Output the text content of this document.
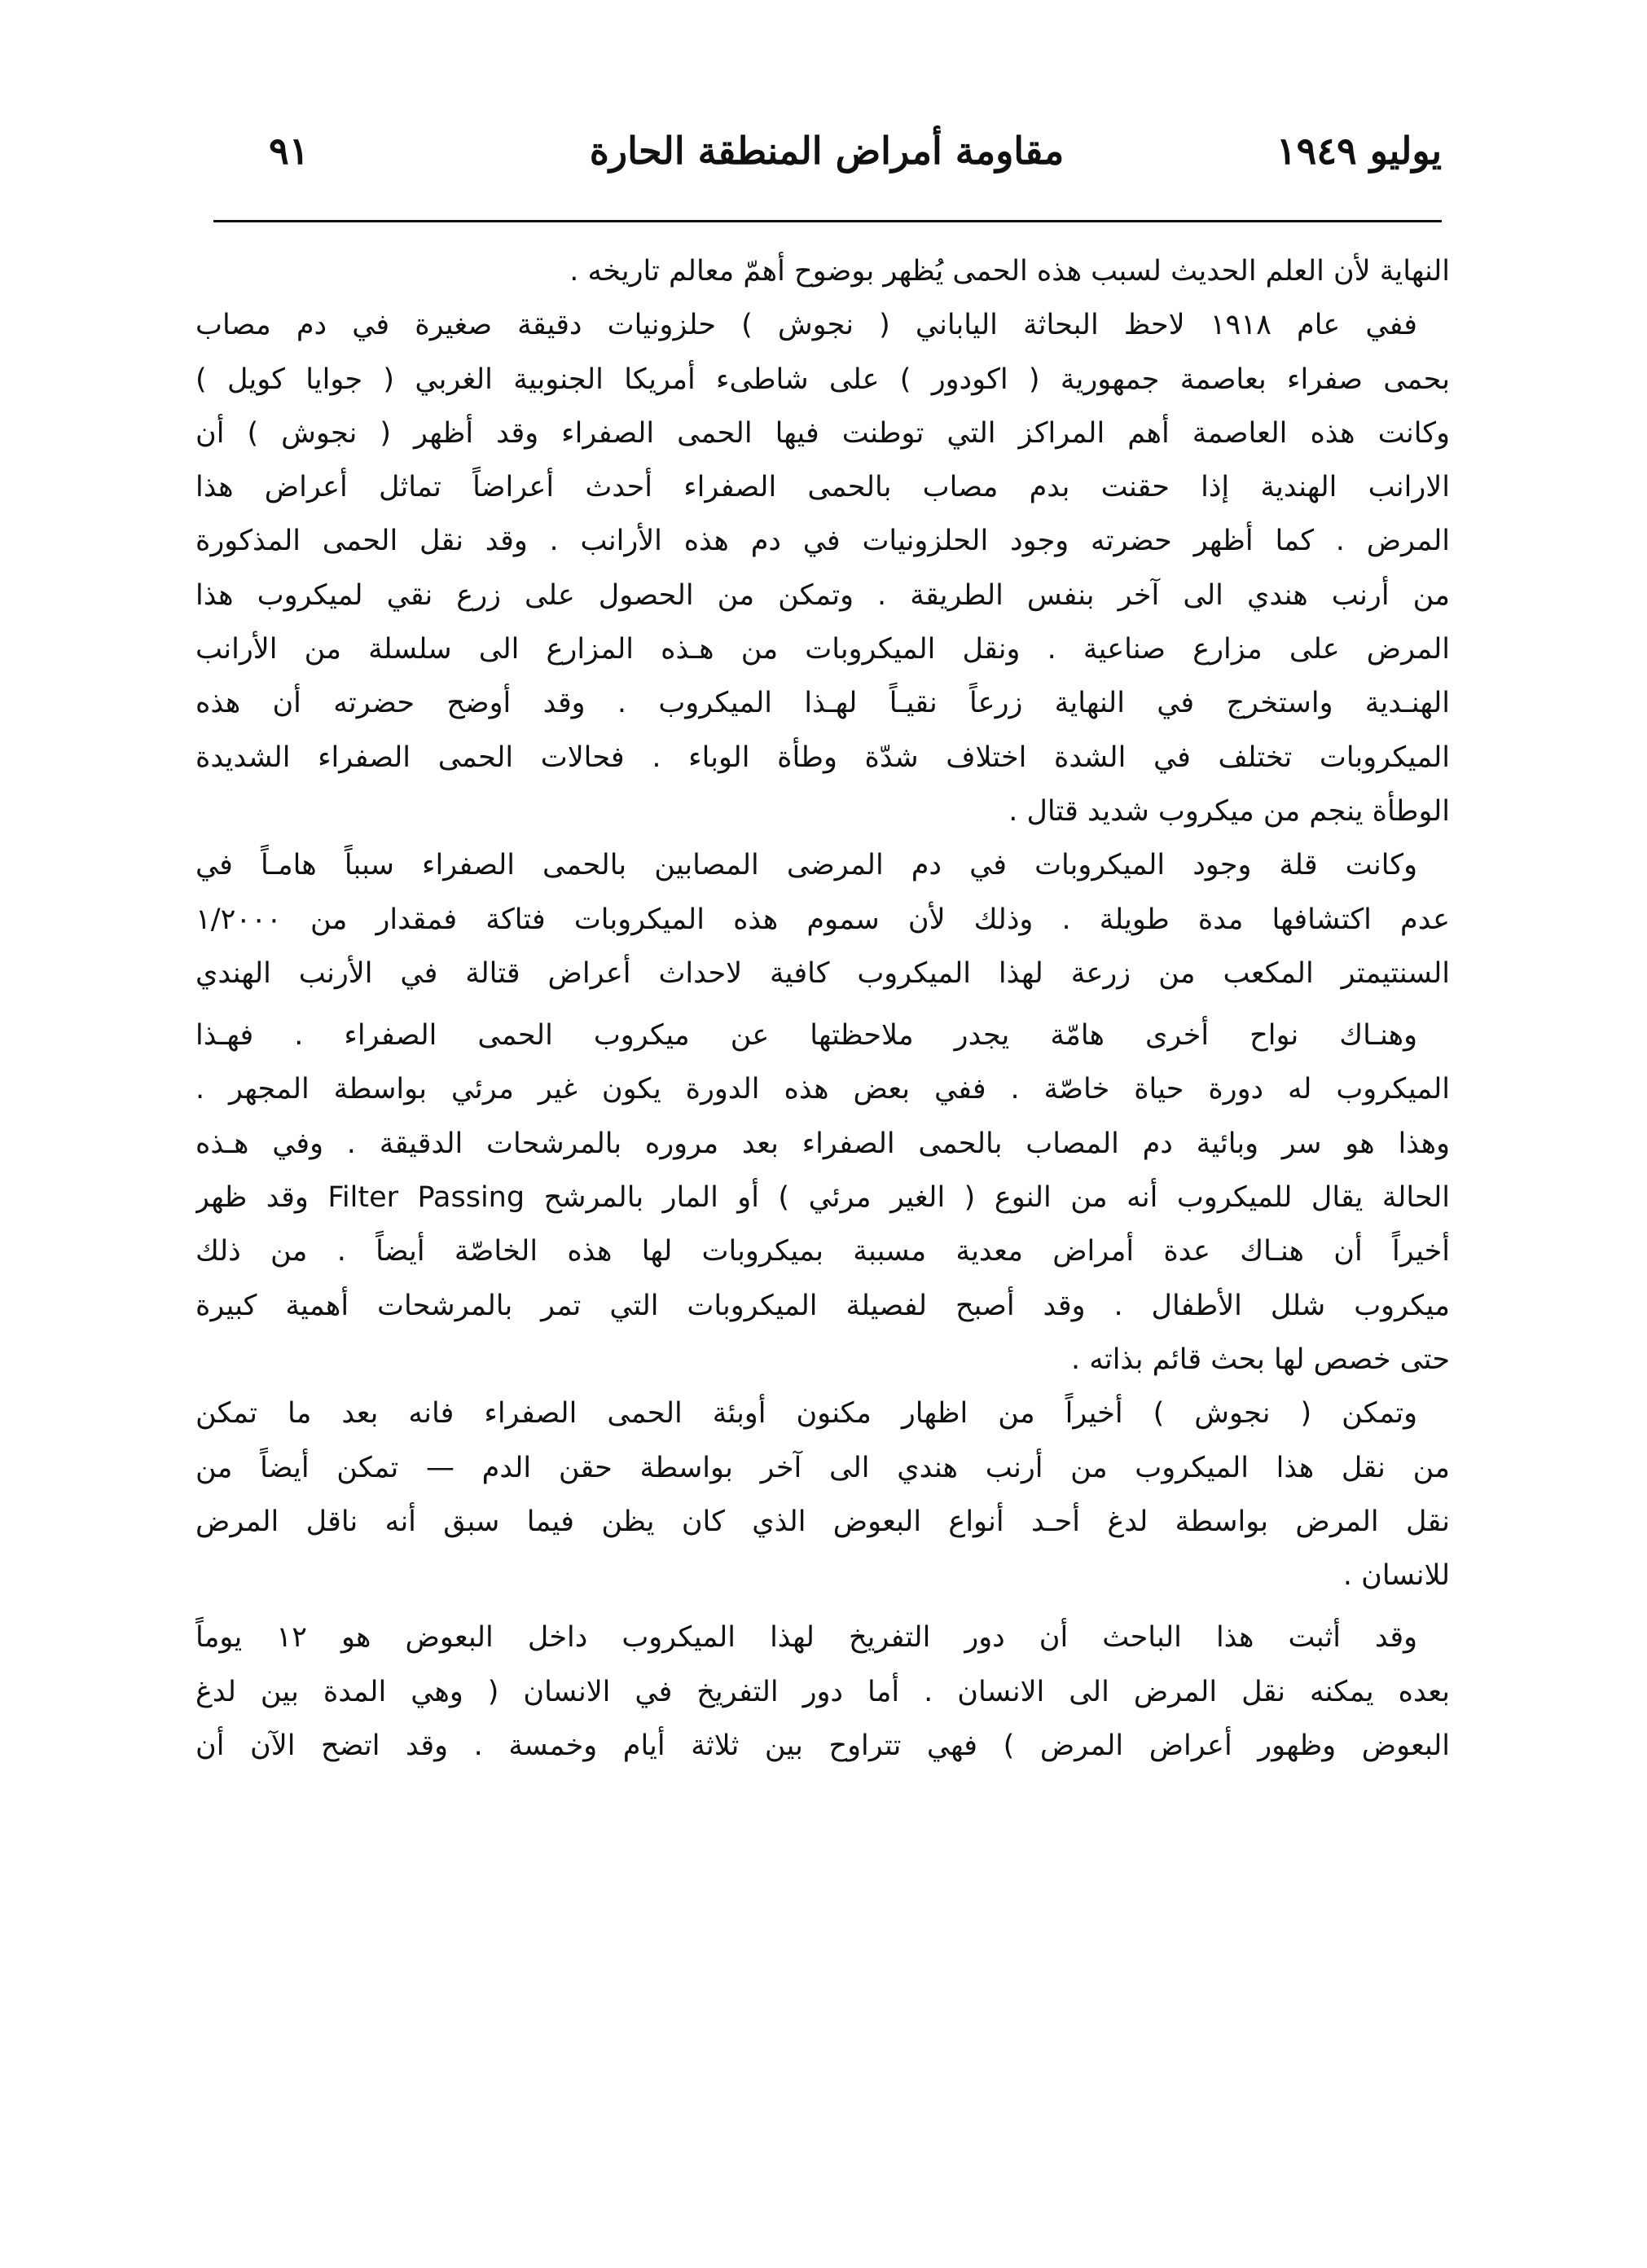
يوليو ١٩٤٩
مقاومة أمراض المنطقة الحارة
٩١
النهاية لأن العلم الحديث لسبب هذه الحمى يُظهر بوضوح أهمّ معالم تاريخه .
ففي عام ١٩١٨ لاحظ البحاثة الياباني ( نجوش ) حلزونيات دقيقة صغيرة في دم مصاب
بحمى صفراء بعاصمة جمهورية ( اكودور ) على شاطىء أمريكا الجنوبية الغربي ( جوايا كويل )
وكانت هذه العاصمة أهم المراكز التي توطنت فيها الحمى الصفراء وقد أظهر ( نجوش ) أن
الارانب الهندية إذا حقنت بدم مصاب بالحمى الصفراء أحدث أعراضاً تماثل أعراض هذا
المرض . كما أظهر حضرته وجود الحلزونيات في دم هذه الأرانب . وقد نقل الحمى المذكورة
من أرنب هندي الى آخر بنفس الطريقة . وتمكن من الحصول على زرع نقي لميكروب هذا
المرض على مزارع صناعية . ونقل الميكروبات من هـذه المزارع الى سلسلة من الأرانب
الهنـدية واستخرج في النهاية زرعاً نقيـاً لهـذا الميكروب . وقد أوضح حضرته أن هذه
الميكروبات تختلف في الشدة اختلاف شدّة وطأة الوباء . فحالات الحمى الصفراء الشديدة
الوطأة ينجم من ميكروب شديد قتال .
وكانت قلة وجود الميكروبات في دم المرضى المصابين بالحمى الصفراء سبباً هامـاً في
عدم اكتشافها مدة طويلة . وذلك لأن سموم هذه الميكروبات فتاكة فمقدار من ١/٢٠٠٠
السنتيمتر المكعب من زرعة لهذا الميكروب كافية لاحداث أعراض قتالة في الأرنب الهندي
وهنـاك نواح أخرى هامّة يجدر ملاحظتها عن ميكروب الحمى الصفراء . فهـذا
الميكروب له دورة حياة خاصّة . ففي بعض هذه الدورة يكون غير مرئي بواسطة المجهر .
وهذا هو سر وبائية دم المصاب بالحمى الصفراء بعد مروره بالمرشحات الدقيقة . وفي هـذه
الحالة يقال للميكروب أنه من النوع ( الغير مرئي ) أو المار بالمرشح Filter Passing وقد ظهر
أخيراً أن هنـاك عدة أمراض معدية مسببة بميكروبات لها هذه الخاصّة أيضاً . من ذلك
ميكروب شلل الأطفال . وقد أصبح لفصيلة الميكروبات التي تمر بالمرشحات أهمية كبيرة
حتى خصص لها بحث قائم بذاته .
وتمكن ( نجوش ) أخيراً من اظهار مكنون أوبئة الحمى الصفراء فانه بعد ما تمكن
من نقل هذا الميكروب من أرنب هندي الى آخر بواسطة حقن الدم — تمكن أيضاً من
نقل المرض بواسطة لدغ أحـد أنواع البعوض الذي كان يظن فيما سبق أنه ناقل المرض
للانسان .
وقد أثبت هذا الباحث أن دور التفريخ لهذا الميكروب داخل البعوض هو ١٢ يوماً
بعده يمكنه نقل المرض الى الانسان . أما دور التفريخ في الانسان ( وهي المدة بين لدغ
البعوض وظهور أعراض المرض ) فهي تتراوح بين ثلاثة أيام وخمسة . وقد اتضح الآن أن
